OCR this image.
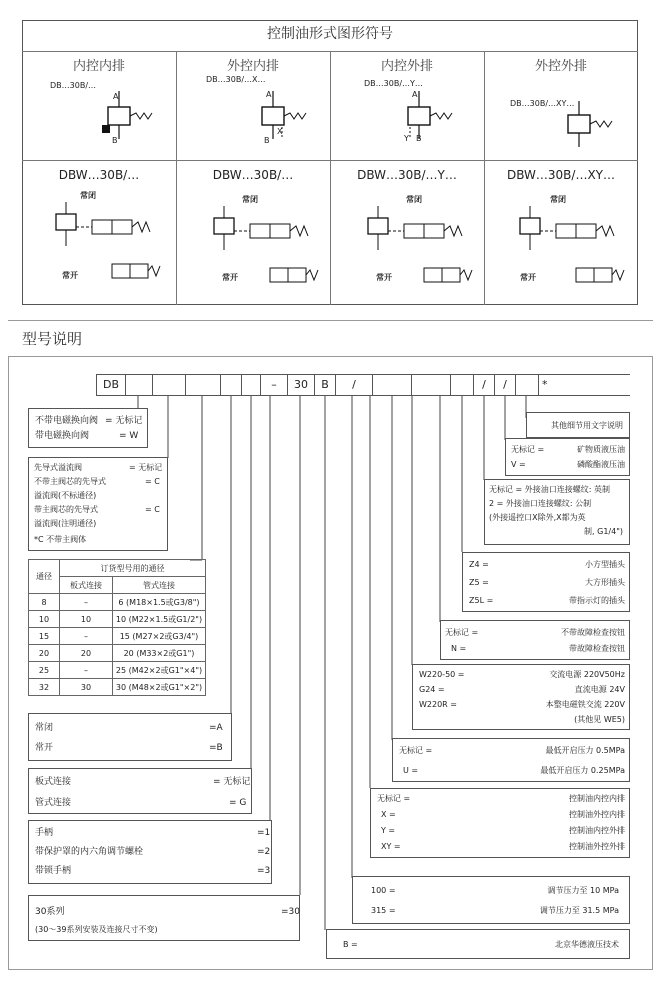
控制油形式图形符号
内控内排
DB…30B/…
A
B
外控内排
DB…30B/…X…
A
X
B
内控外排
DB…30B/…Y…
A
Y B
外控外排
DB…30B/…XY…
DBW…30B/…
常闭
常开
DBW…30B/…
常闭
常开
DBW…30B/…Y…
常闭
常开
DBW…30B/…XY…
常闭
常开
型号说明
DB	–	30	B	/	/	/	*
不带电磁换向阀 = 无标记
带电磁换向阀	= W
先导式溢流阀	= 无标记
不带主阀芯的先导式	= C
溢流阀(不标通径)
带主阀芯的先导式	= C
溢流阀(注明通径)
*C 不带主阀体
通径	订货型号用的通径	
	板式连接	管式连接
8	–	6 (M18×1.5或G3/8")
10	10	10 (M22×1.5或G1/2")
15	–	15 (M27×2或G3/4")
20	20	20 (M33×2或G1")
25	–	25 (M42×2或G1"×4")
32	30	30 (M48×2或G1"×2")
常闭	=A
常开	=B
板式连接	= 无标记
管式连接	= G
手柄	=1
带保护罩的内六角调节螺栓	=2
带锁手柄	=3
30系列	=30
(30～39系列安装及连接尺寸不变)
其他细节用文字说明
无标记 =	矿物质液压油
V =	磷酸酯液压油
无标记 = 外接油口连接螺纹: 英制
2 = 外接油口连接螺纹: 公制
(外接遥控口X除外,X都为英
制, G1/4")
Z4 =	小方型插头
Z5 =	大方形插头
Z5L =	带指示灯的插头
无标记 =	不带故障检查按钮
N =	带故障检查按钮
W220-50 =	交流电源 220V50Hz
G24 =	直流电源 24V
W220R =	本整电磁铁交流 220V
(其他见 WE5)
无标记 =	最低开启压力 0.5MPa
U =	最低开启压力 0.25MPa
无标记 =	控制油内控内排
X =	控制油外控内排
Y =	控制油内控外排
XY =	控制油外控外排
100 =	调节压力至 10 MPa
315 =	调节压力至 31.5 MPa
B =	北京华德液压技术
